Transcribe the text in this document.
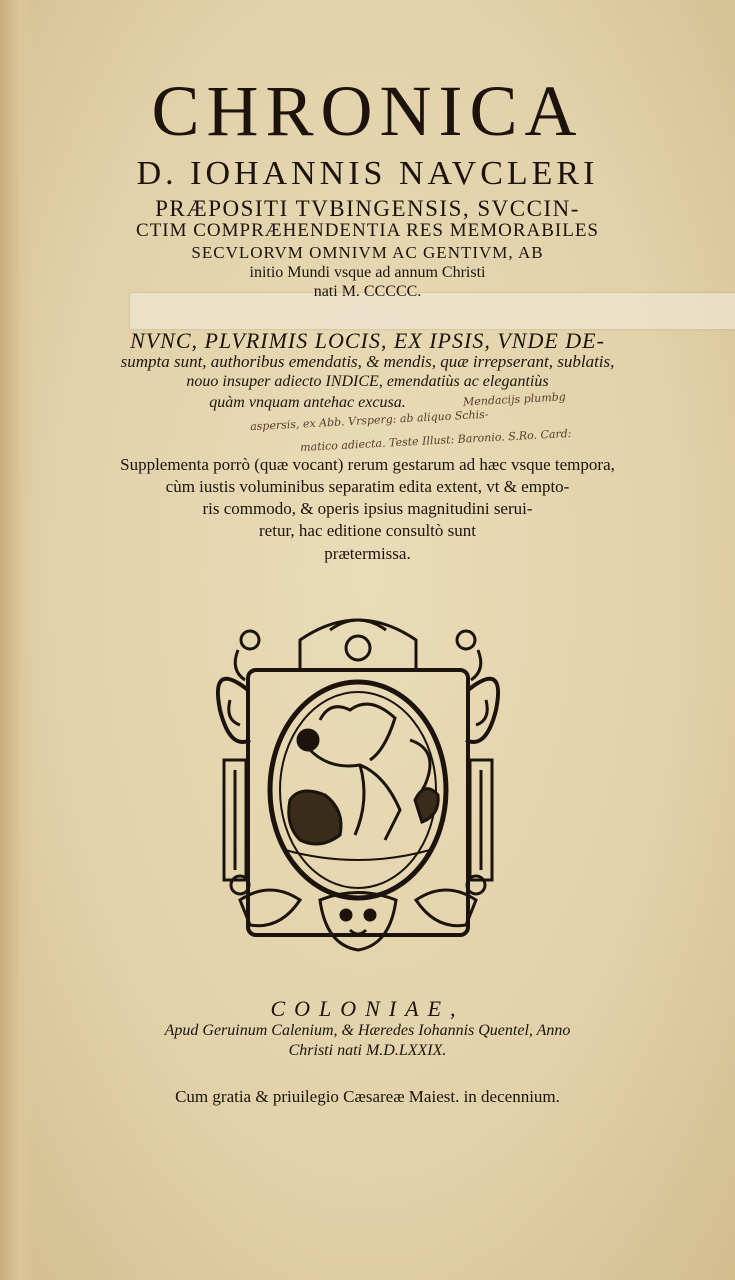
CHRONICA
D. IOHANNIS NAVCLERI
PRÆPOSITI TVBINGENSIS, SVCCIN-
CTIM COMPRÆHENDENTIA RES MEMORABILES
SECVLORVM OMNIVM AC GENTIVM, AB
initio Mundi vsque ad annum Christi
nati M. CCCCC.
NVNC, PLVRIMIS LOCIS, EX IPSIS, VNDE DE-
sumpta sunt, authoribus emendatis, & mendis, quæ irrepserant, sublatis,
nouo insuper adiecto INDICE, emendatiùs ac elegantiùs
quàm vnquam antehac excusa.	Mendacijs plumbg
aspersis, ex Abb. Vrsperg: ab aliquo Schis-
matico adiecta. Teste Illust: Baronio. S.Ro. Card:
Supplementa porrò (quæ vocant) rerum gestarum ad hæc vsque tempora,
cùm iustis voluminibus separatim edita extent, vt & empto-
ris commodo, & operis ipsius magnitudini serui-
retur, hac editione consultò sunt
prætermissa.
COLONIAE,
Apud Geruinum Calenium, & Hæredes Iohannis Quentel, Anno
Christi nati M.D.LXXIX.
Cum gratia & priuilegio Cæsareæ Maiest. in decennium.
